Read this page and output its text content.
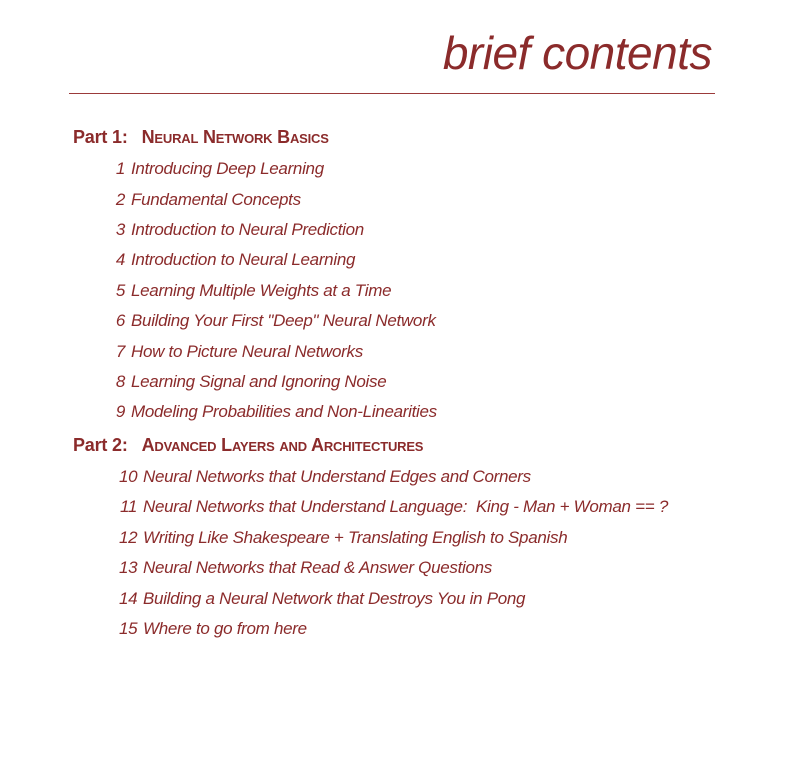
brief contents
Part 1: Neural Network Basics
1 Introducing Deep Learning
2 Fundamental Concepts
3 Introduction to Neural Prediction
4 Introduction to Neural Learning
5 Learning Multiple Weights at a Time
6 Building Your First "Deep" Neural Network
7 How to Picture Neural Networks
8 Learning Signal and Ignoring Noise
9 Modeling Probabilities and Non-Linearities
Part 2: Advanced Layers and Architectures
10 Neural Networks that Understand Edges and Corners
11 Neural Networks that Understand Language:  King - Man + Woman == ?
12 Writing Like Shakespeare + Translating English to Spanish
13 Neural Networks that Read & Answer Questions
14 Building a Neural Network that Destroys You in Pong
15 Where to go from here
